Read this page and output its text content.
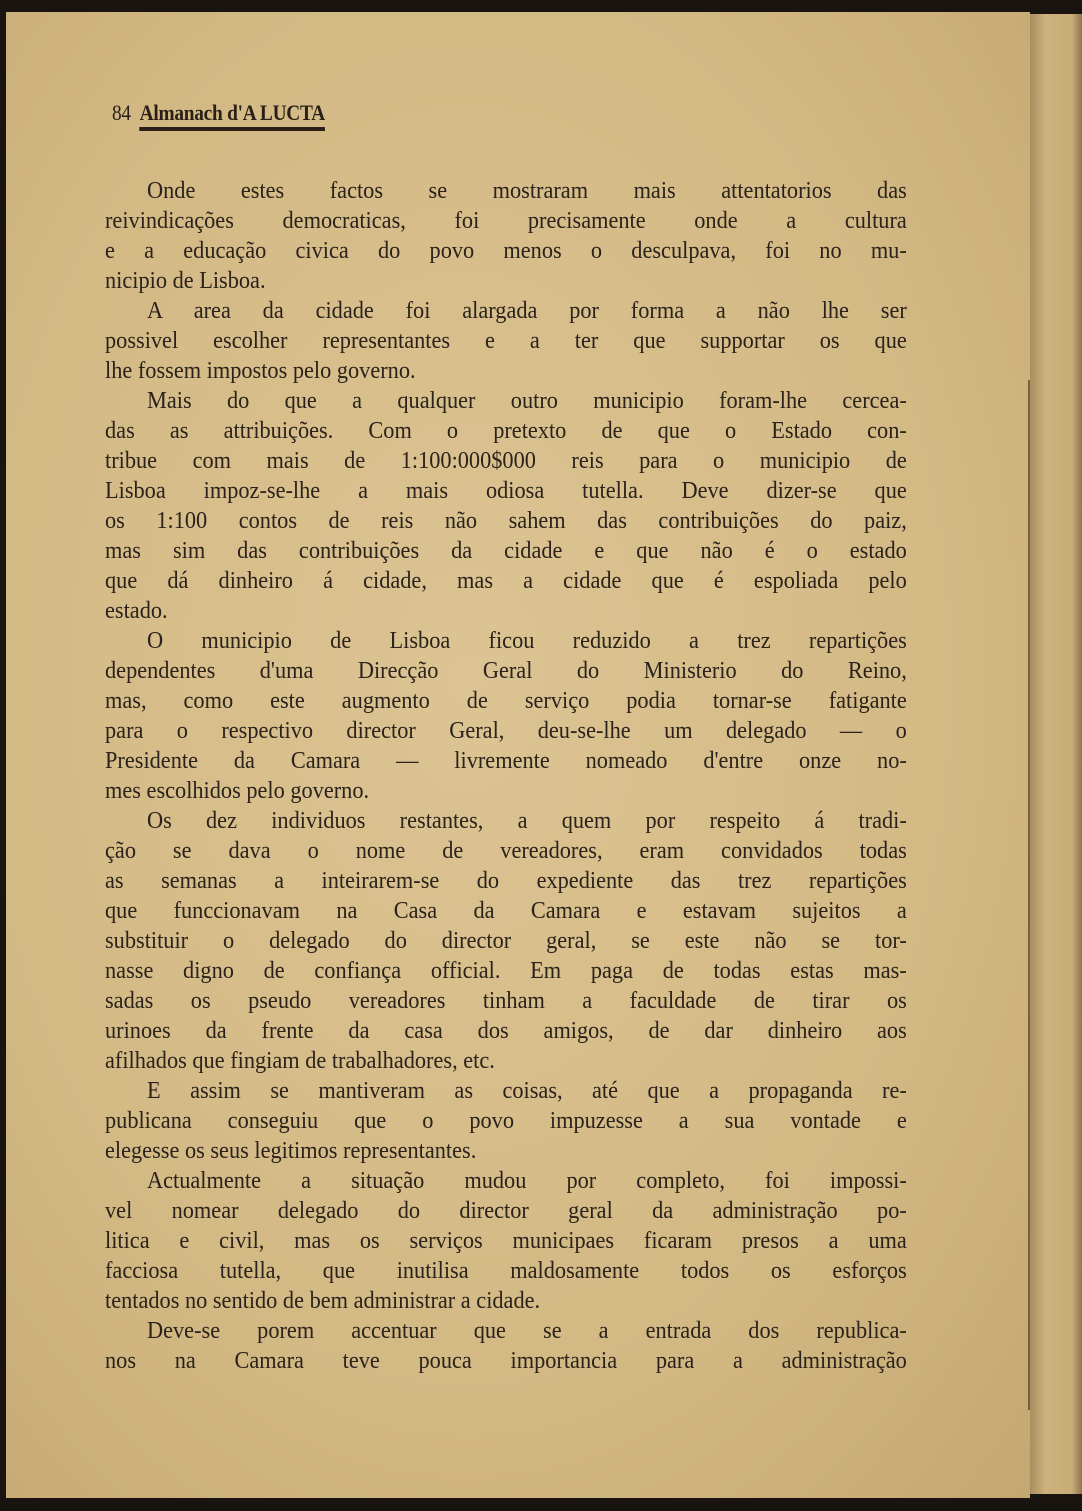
84 Almanach d'A LUCTA
Onde estes factos se mostraram mais attentatorios das
reivindicações democraticas, foi precisamente onde a cultura
e a educação civica do povo menos o desculpava, foi no mu-
nicipio de Lisboa.
A area da cidade foi alargada por forma a não lhe ser
possivel escolher representantes e a ter que supportar os que
lhe fossem impostos pelo governo.
Mais do que a qualquer outro municipio foram-lhe cercea-
das as attribuições. Com o pretexto de que o Estado con-
tribue com mais de 1:100:000$000 reis para o municipio de
Lisboa impoz-se-lhe a mais odiosa tutella. Deve dizer-se que
os 1:100 contos de reis não sahem das contribuições do paiz,
mas sim das contribuições da cidade e que não é o estado
que dá dinheiro á cidade, mas a cidade que é espoliada pelo
estado.
O municipio de Lisboa ficou reduzido a trez repartições
dependentes d'uma Direcção Geral do Ministerio do Reino,
mas, como este augmento de serviço podia tornar-se fatigante
para o respectivo director Geral, deu-se-lhe um delegado — o
Presidente da Camara — livremente nomeado d'entre onze no-
mes escolhidos pelo governo.
Os dez individuos restantes, a quem por respeito á tradi-
ção se dava o nome de vereadores, eram convidados todas
as semanas a inteirarem-se do expediente das trez repartições
que funccionavam na Casa da Camara e estavam sujeitos a
substituir o delegado do director geral, se este não se tor-
nasse digno de confiança official. Em paga de todas estas mas-
sadas os pseudo vereadores tinham a faculdade de tirar os
urinoes da frente da casa dos amigos, de dar dinheiro aos
afilhados que fingiam de trabalhadores, etc.
E assim se mantiveram as coisas, até que a propaganda re-
publicana conseguiu que o povo impuzesse a sua vontade e
elegesse os seus legitimos representantes.
Actualmente a situação mudou por completo, foi impossi-
vel nomear delegado do director geral da administração po-
litica e civil, mas os serviços municipaes ficaram presos a uma
facciosa tutella, que inutilisa maldosamente todos os esforços
tentados no sentido de bem administrar a cidade.
Deve-se porem accentuar que se a entrada dos republica-
nos na Camara teve pouca importancia para a administração
